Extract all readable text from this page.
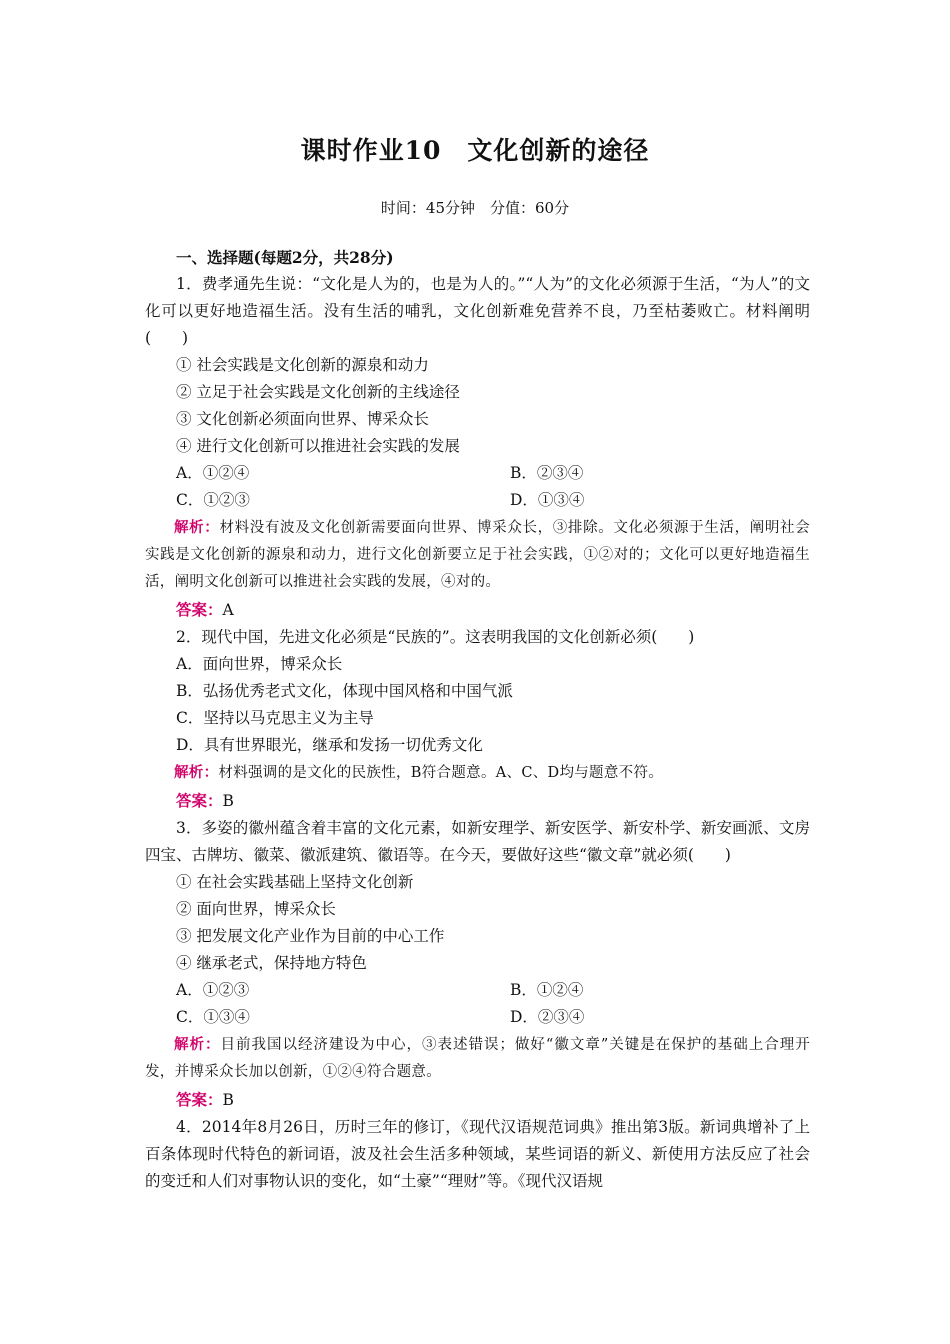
课时作业10　文化创新的途径
时间：45分钟　分值：60分
一、选择题(每题2分，共28分)
1．费孝通先生说：“文化是人为的，也是为人的。”“人为”的文化必须源于生活，“为人”的文化可以更好地造福生活。没有生活的哺乳，文化创新难免营养不良，乃至枯萎败亡。材料阐明(　　)
① 社会实践是文化创新的源泉和动力
② 立足于社会实践是文化创新的主线途径
③ 文化创新必须面向世界、博采众长
④ 进行文化创新可以推进社会实践的发展
A．①②④	B．②③④
C．①②③	D．①③④
解析：材料没有波及文化创新需要面向世界、博采众长，③排除。文化必须源于生活，阐明社会实践是文化创新的源泉和动力，进行文化创新要立足于社会实践，①②对的；文化可以更好地造福生活，阐明文化创新可以推进社会实践的发展，④对的。
答案：A
2．现代中国，先进文化必须是“民族的”。这表明我国的文化创新必须(　　)
A．面向世界，博采众长
B．弘扬优秀老式文化，体现中国风格和中国气派
C．坚持以马克思主义为主导
D．具有世界眼光，继承和发扬一切优秀文化
解析：材料强调的是文化的民族性，B符合题意。A、C、D均与题意不符。
答案：B
3．多姿的徽州蕴含着丰富的文化元素，如新安理学、新安医学、新安朴学、新安画派、文房四宝、古牌坊、徽菜、徽派建筑、徽语等。在今天，要做好这些“徽文章”就必须(　　)
① 在社会实践基础上坚持文化创新
② 面向世界，博采众长
③ 把发展文化产业作为目前的中心工作
④ 继承老式，保持地方特色
A．①②③	B．①②④
C．①③④	D．②③④
解析：目前我国以经济建设为中心，③表述错误；做好“徽文章”关键是在保护的基础上合理开发，并博采众长加以创新，①②④符合题意。
答案：B
4．2014年8月26日，历时三年的修订，《现代汉语规范词典》推出第3版。新词典增补了上百条体现时代特色的新词语，波及社会生活多种领域，某些词语的新义、新使用方法反应了社会的变迁和人们对事物认识的变化，如“土豪”“理财”等。《现代汉语规
